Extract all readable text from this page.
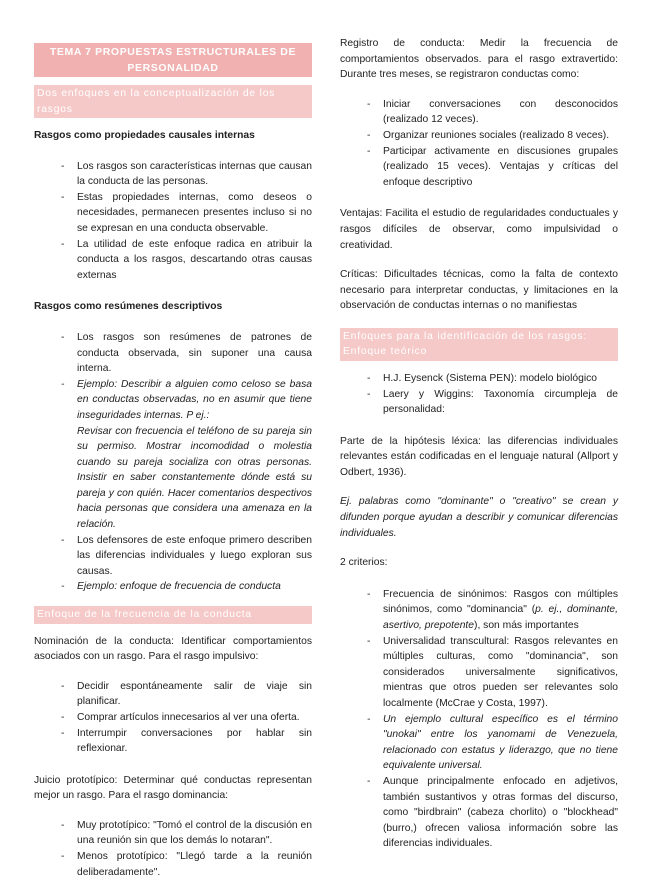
TEMA 7 PROPUESTAS ESTRUCTURALES DE PERSONALIDAD
Dos enfoques en la conceptualización de los rasgos
Rasgos como propiedades causales internas
- Los rasgos son características internas que causan la conducta de las personas.
- Estas propiedades internas, como deseos o necesidades, permanecen presentes incluso si no se expresan en una conducta observable.
- La utilidad de este enfoque radica en atribuir la conducta a los rasgos, descartando otras causas externas
Rasgos como resúmenes descriptivos
- Los rasgos son resúmenes de patrones de conducta observada, sin suponer una causa interna.
- Ejemplo: Describir a alguien como celoso se basa en conductas observadas, no en asumir que tiene inseguridades internas. P ej.:
Revisar con frecuencia el teléfono de su pareja sin su permiso. Mostrar incomodidad o molestia cuando su pareja socializa con otras personas. Insistir en saber constantemente dónde está su pareja y con quién. Hacer comentarios despectivos hacia personas que considera una amenaza en la relación.
- Los defensores de este enfoque primero describen las diferencias individuales y luego exploran sus causas.
- Ejemplo: enfoque de frecuencia de conducta
Enfoque de la frecuencia de la conducta

Nominación de la conducta: Identificar comportamientos asociados con un rasgo. Para el rasgo impulsivo:

- Decidir espontáneamente salir de viaje sin planificar.
- Comprar artículos innecesarios al ver una oferta.
- Interrumpir conversaciones por hablar sin reflexionar.

Juicio prototípico: Determinar qué conductas representan mejor un rasgo. Para el rasgo dominancia:

- Muy prototípico: "Tomó el control de la discusión en una reunión sin que los demás lo notaran".
- Menos prototípico: "Llegó tarde a la reunión deliberadamente".

Registro de conducta: Medir la frecuencia de comportamientos observados. para el rasgo extravertido: Durante tres meses, se registraron conductas como:

- Iniciar conversaciones con desconocidos (realizado 12 veces).
- Organizar reuniones sociales (realizado 8 veces).
- Participar activamente en discusiones grupales (realizado 15 veces). Ventajas y críticas del enfoque descriptivo

Ventajas: Facilita el estudio de regularidades conductuales y rasgos difíciles de observar, como impulsividad o creatividad.

Críticas: Dificultades técnicas, como la falta de contexto necesario para interpretar conductas, y limitaciones en la observación de conductas internas o no manifiestas

Enfoques para la identificación de los rasgos: Enfoque teórico
- H.J. Eysenck (Sistema PEN): modelo biológico
- Laery y Wiggins: Taxonomía circumpleja de personalidad:

Parte de la hipótesis léxica: las diferencias individuales relevantes están codificadas en el lenguaje natural (Allport y Odbert, 1936).

Ej. palabras como "dominante" o "creativo" se crean y difunden porque ayudan a describir y comunicar diferencias individuales.

2 criterios:

- Frecuencia de sinónimos: Rasgos con múltiples sinónimos, como "dominancia" (p. ej., dominante, asertivo, prepotente), son más importantes
- Universalidad transcultural: Rasgos relevantes en múltiples culturas, como "dominancia", son considerados universalmente significativos, mientras que otros pueden ser relevantes solo localmente (McCrae y Costa, 1997).
- Un ejemplo cultural específico es el término "unokai" entre los yanomami de Venezuela, relacionado con estatus y liderazgo, que no tiene equivalente universal.
- Aunque principalmente enfocado en adjetivos, también sustantivos y otras formas del discurso, como "birdbrain" (cabeza chorlito) o "blockhead" (burro,) ofrecen valiosa información sobre las diferencias individuales.
